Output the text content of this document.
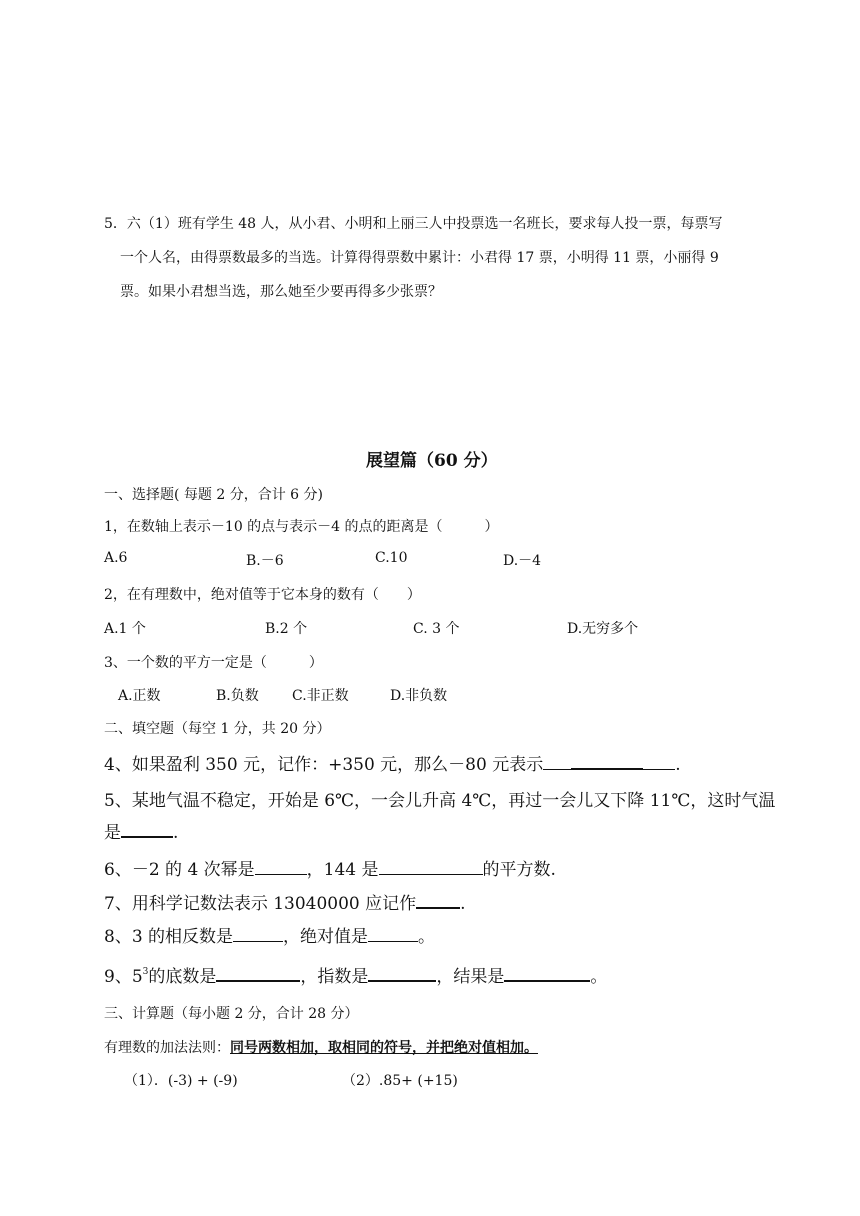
5．六（1）班有学生 48 人，从小君、小明和上丽三人中投票选一名班长，要求每人投一票，每票写
一个人名，由得票数最多的当选。计算得得票数中累计：小君得 17 票，小明得 11 票，小丽得 9
票。如果小君想当选，那么她至少要再得多少张票？
展望篇（60 分）
一、选择题( 每题 2 分，合计 6 分)
1，在数轴上表示－10 的点与表示－4 的点的距离是（　　　）
A.6	B.－6	C.10	D.－4
2，在有理数中，绝对值等于它本身的数有（　　）
A.1 个	B.2 个	C. 3 个	D.无穷多个
3、一个数的平方一定是（　　　）
A.正数	B.负数 C.非正数	D.非负数
二、填空题（每空 1 分，共 20 分）
4、如果盈利 350 元，记作：+350 元，那么－80 元表示	.
5、某地气温不稳定，开始是 6℃，一会儿升高 4℃，再过一会儿又下降 11℃，这时气温
是	.
6、－2 的 4 次幂是	，144 是	的平方数.
7、用科学记数法表示 13040000 应记作	.
8、3 的相反数是	，绝对值是	。
9、$5^3$的底数是	，指数是	，结果是	。
三、计算题（每小题 2 分，合计 28 分）
有理数的加法法则：同号两数相加，取相同的符号，并把绝对值相加。
（1）．(-3) + (-9)	（2）.85+ (+15)
